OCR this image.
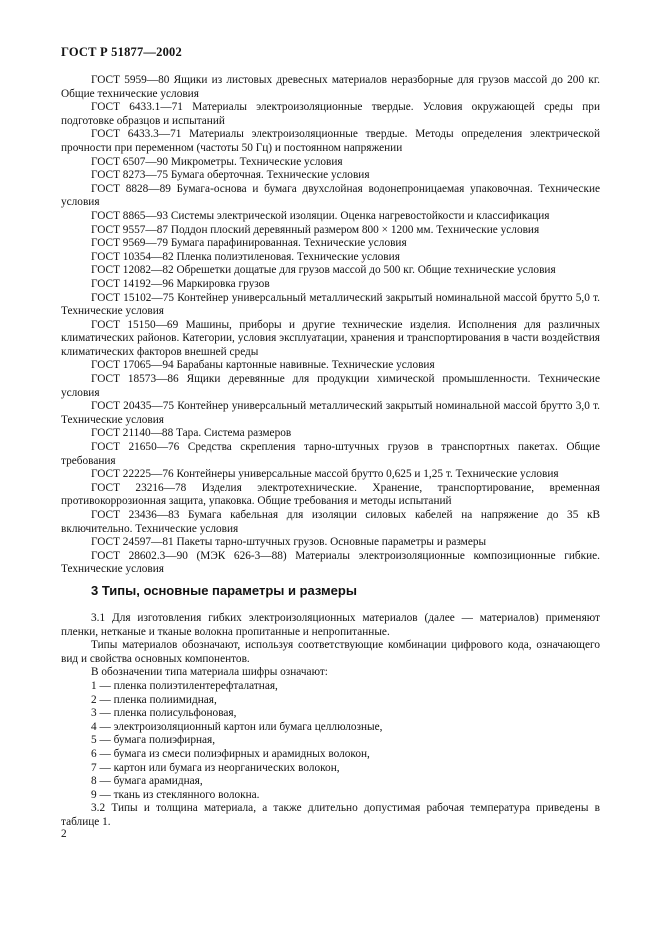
ГОСТ Р 51877—2002

ГОСТ 5959—80 Ящики из листовых древесных материалов неразборные для грузов массой до 200 кг. Общие технические условия

ГОСТ 6433.1—71 Материалы электроизоляционные твердые. Условия окружающей среды при подготовке образцов и испытаний

ГОСТ 6433.3—71 Материалы электроизоляционные твердые. Методы определения электрической прочности при переменном (частоты 50 Гц) и постоянном напряжении

ГОСТ 6507—90 Микрометры. Технические условия

ГОСТ 8273—75 Бумага оберточная. Технические условия

ГОСТ 8828—89 Бумага-основа и бумага двухслойная водонепроницаемая упаковочная. Технические условия

ГОСТ 8865—93 Системы электрической изоляции. Оценка нагревостойкости и классификация

ГОСТ 9557—87 Поддон плоский деревянный размером 800 × 1200 мм. Технические условия

ГОСТ 9569—79 Бумага парафинированная. Технические условия

ГОСТ 10354—82 Пленка полиэтиленовая. Технические условия

ГОСТ 12082—82 Обрешетки дощатые для грузов массой до 500 кг. Общие технические условия

ГОСТ 14192—96 Маркировка грузов

ГОСТ 15102—75 Контейнер универсальный металлический закрытый номинальной массой брутто 5,0 т. Технические условия

ГОСТ 15150—69 Машины, приборы и другие технические изделия. Исполнения для различных климатических районов. Категории, условия эксплуатации, хранения и транспортирования в части воздействия климатических факторов внешней среды

ГОСТ 17065—94 Барабаны картонные навивные. Технические условия

ГОСТ 18573—86 Ящики деревянные для продукции химической промышленности. Технические условия

ГОСТ 20435—75 Контейнер универсальный металлический закрытый номинальной массой брутто 3,0 т. Технические условия

ГОСТ 21140—88 Тара. Система размеров

ГОСТ 21650—76 Средства скрепления тарно-штучных грузов в транспортных пакетах. Общие требования

ГОСТ 22225—76 Контейнеры универсальные массой брутто 0,625 и 1,25 т. Технические условия

ГОСТ 23216—78 Изделия электротехнические. Хранение, транспортирование, временная противокоррозионная защита, упаковка. Общие требования и методы испытаний

ГОСТ 23436—83 Бумага кабельная для изоляции силовых кабелей на напряжение до 35 кВ включительно. Технические условия

ГОСТ 24597—81 Пакеты тарно-штучных грузов. Основные параметры и размеры

ГОСТ 28602.3—90 (МЭК 626-3—88) Материалы электроизоляционные композиционные гибкие. Технические условия

3 Типы, основные параметры и размеры

3.1 Для изготовления гибких электроизоляционных материалов (далее — материалов) применяют пленки, нетканые и тканые волокна пропитанные и непропитанные.

Типы материалов обозначают, используя соответствующие комбинации цифрового кода, означающего вид и свойства основных компонентов.

В обозначении типа материала шифры означают:

1 — пленка полиэтилентерефталатная,
2 — пленка полиимидная,
3 — пленка полисульфоновая,
4 — электроизоляционный картон или бумага целлюлозные,
5 — бумага полиэфирная,
6 — бумага из смеси полиэфирных и арамидных волокон,
7 — картон или бумага из неорганических волокон,
8 — бумага арамидная,
9 — ткань из стеклянного волокна.

3.2 Типы и толщина материала, а также длительно допустимая рабочая температура приведены в таблице 1.

2
